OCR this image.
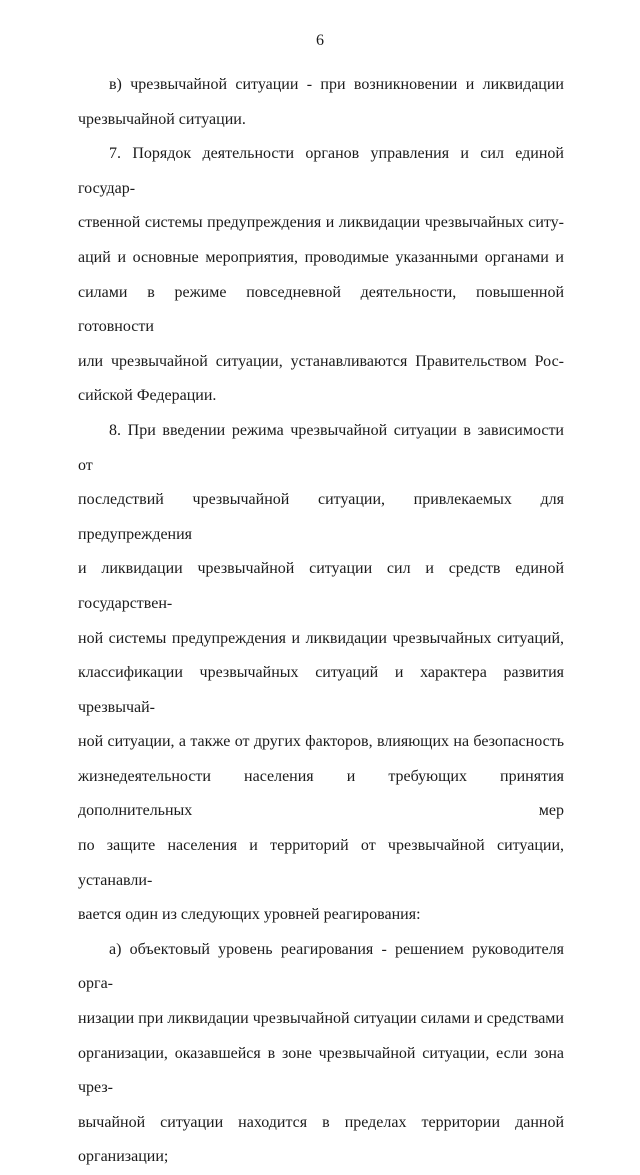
6
в) чрезвычайной ситуации - при возникновении и ликвидации
чрезвычайной ситуации.
7. Порядок деятельности органов управления и сил единой государ-
ственной системы предупреждения и ликвидации чрезвычайных ситу-
аций и основные мероприятия, проводимые указанными органами и
силами в режиме повседневной деятельности, повышенной готовности
или чрезвычайной ситуации, устанавливаются Правительством Рос-
сийской Федерации.
8. При введении режима чрезвычайной ситуации в зависимости от
последствий чрезвычайной ситуации, привлекаемых для предупреждения
и ликвидации чрезвычайной ситуации сил и средств единой государствен-
ной системы предупреждения и ликвидации чрезвычайных ситуаций,
классификации чрезвычайных ситуаций и характера развития чрезвычай-
ной ситуации, а также от других факторов, влияющих на безопасность
жизнедеятельности населения и требующих принятия дополнительных мер
по защите населения и территорий от чрезвычайной ситуации, устанавли-
вается один из следующих уровней реагирования:
а) объектовый уровень реагирования - решением руководителя орга-
низации при ликвидации чрезвычайной ситуации силами и средствами
организации, оказавшейся в зоне чрезвычайной ситуации, если зона чрез-
вычайной ситуации находится в пределах территории данной организации;
